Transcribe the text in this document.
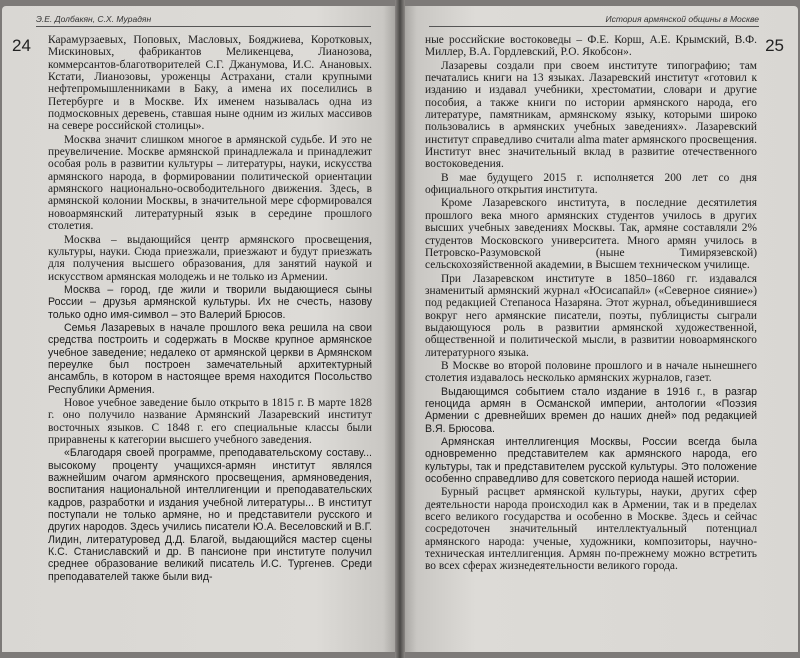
Э.Е. Долбакян, С.Х. Мурадян
24 Карамурзаевых, Поповых, Масловых, Бояджиева, Коротковых, Мискиновых, фабрикантов Меликенцева, Лианозова, коммерсантов-благотворителей С.Г. Джанумова, И.С. Анановых. Кстати, Лианозовы, уроженцы Астрахани, стали крупными нефтепромышленниками в Баку, а имена их поселились в Петербурге и в Москве. Их именем называлась одна из подмосковных деревень, ставшая ныне одним из жилых массивов на севере российской столицы».

Москва значит слишком многое в армянской судьбе. И это не преувеличение. Москве армянской принадлежала и принадлежит особая роль в развитии культуры – литературы, науки, искусства армянского народа, в формировании политической ориентации армянского национально-освободительного движения. Здесь, в армянской колонии Москвы, в значительной мере сформировался новоармянский литературный язык в середине прошлого столетия.

Москва – выдающийся центр армянского просвещения, культуры, науки. Сюда приезжали, приезжают и будут приезжать для получения высшего образования, для занятий наукой и искусством армянская молодежь и не только из Армении.

Москва – город, где жили и творили выдающиеся сыны России – друзья армянской культуры. Их не счесть, назову только одно имя-символ – это Валерий Брюсов.

Семья Лазаревых в начале прошлого века решила на свои средства построить и содержать в Москве крупное армянское учебное заведение; недалеко от армянской церкви в Армянском переулке был построен замечательный архитектурный ансамбль, в котором в настоящее время находится Посольство Республики Армения.

Новое учебное заведение было открыто в 1815 г. В марте 1828 г. оно получило название Армянский Лазаревский институт восточных языков. С 1848 г. его специальные классы были приравнены к категории высшего учебного заведения.

«Благодаря своей программе, преподавательскому составу... высокому проценту учащихся-армян институт являлся важнейшим очагом армянского просвещения, армяноведения, воспитания национальной интеллигенции и преподавательских кадров, разработки и издания учебной литературы... В институт поступали не только армяне, но и представители русского и других народов. Здесь учились писатели Ю.А. Веселовский и В.Г. Лидин, литературовед Д.Д. Благой, выдающийся мастер сцены К.С. Станиславский и др. В пансионе при институте получил среднее образование великий писатель И.С. Тургенев. Среди преподавателей также были вид-

История армянской общины в Москве
25

ные российские востоковеды – Ф.Е. Корш, А.Е. Крымский, В.Ф. Миллер, В.А. Гордлевский, Р.О. Якобсон».

Лазаревы создали при своем институте типографию; там печатались книги на 13 языках. Лазаревский институт «готовил к изданию и издавал учебники, хрестоматии, словари и другие пособия, а также книги по истории армянского народа, его литературе, памятникам, армянскому языку, которыми широко пользовались в армянских учебных заведениях». Лазаревский институт справедливо считали alma mater армянского просвещения. Институт внес значительный вклад в развитие отечественного востоковедения.

В мае будущего 2015 г. исполняется 200 лет со дня официального открытия института.

Кроме Лазаревского института, в последние десятилетия прошлого века много армянских студентов училось в других высших учебных заведениях Москвы. Так, армяне составляли 2% студентов Московского университета. Много армян училось в Петровско-Разумовской (ныне Тимирязевской) сельскохозяйственной академии, в Высшем техническом училище.

При Лазаревском институте в 1850–1860 гг. издавался знаменитый армянский журнал «Юсисапайл» («Северное сияние») под редакцией Степаноса Назаряна. Этот журнал, объединившиеся вокруг него армянские писатели, поэты, публицисты сыграли выдающуюся роль в развитии армянской художественной, общественной и политической мысли, в развитии новоармянского литературного языка.

В Москве во второй половине прошлого и в начале нынешнего столетия издавалось несколько армянских журналов, газет.

Выдающимся событием стало издание в 1916 г., в разгар геноцида армян в Османской империи, антологии «Поэзия Армении с древнейших времен до наших дней» под редакцией В.Я. Брюсова.

Армянская интеллигенция Москвы, России всегда была одновременно представителем как армянского народа, его культуры, так и представителем русской культуры. Это положение особенно справедливо для советского периода нашей истории.

Бурный расцвет армянской культуры, науки, других сфер деятельности народа происходил как в Армении, так и в пределах всего великого государства и особенно в Москве. Здесь и сейчас сосредоточен значительный интеллектуальный потенциал армянского народа: ученые, художники, композиторы, научно-техническая интеллигенция. Армян по-прежнему можно встретить во всех сферах жизнедеятельности великого города.
